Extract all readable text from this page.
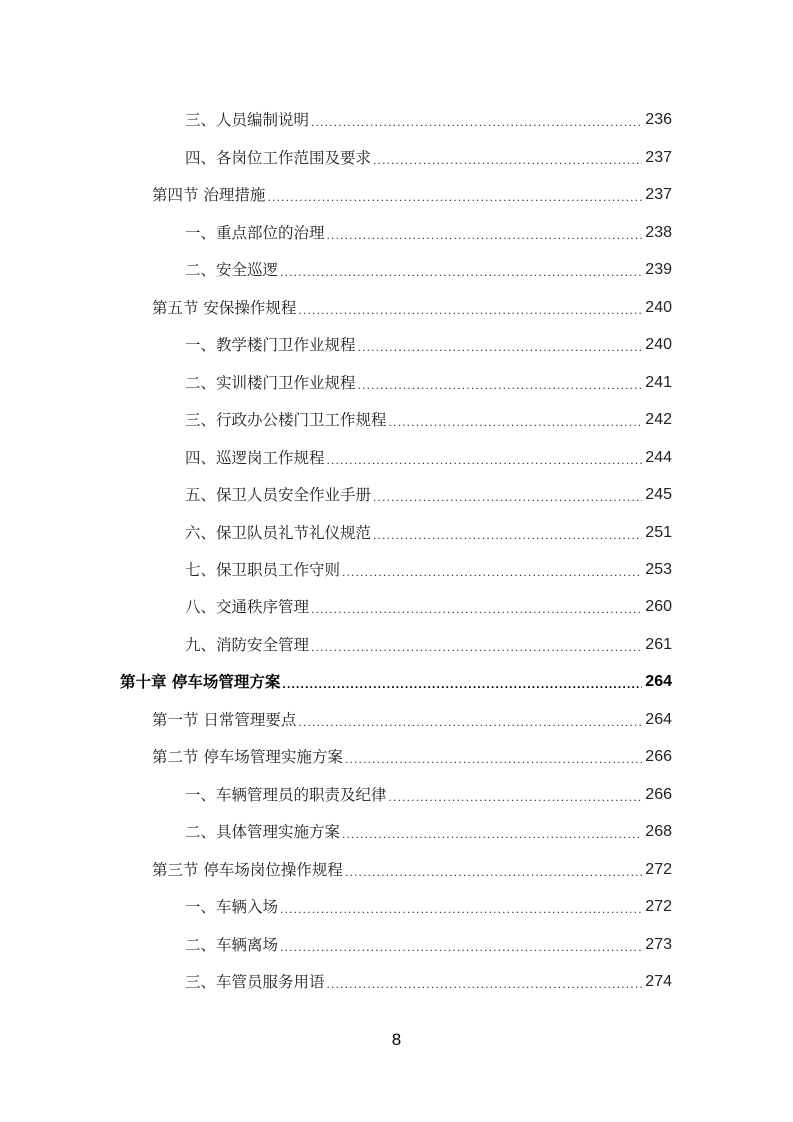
三、人员编制说明 .....	236
四、各岗位工作范围及要求 .....	237
第四节 治理措施 .....	237
一、重点部位的治理 .....	238
二、安全巡逻 .....	239
第五节 安保操作规程 .....	240
一、教学楼门卫作业规程 .....	240
二、实训楼门卫作业规程 .....	241
三、行政办公楼门卫工作规程 .....	242
四、巡逻岗工作规程 .....	244
五、保卫人员安全作业手册 .....	245
六、保卫队员礼节礼仪规范 .....	251
七、保卫职员工作守则 .....	253
八、交通秩序管理 .....	260
九、消防安全管理 .....	261
第十章 停车场管理方案 .....	264
第一节 日常管理要点 .....	264
第二节 停车场管理实施方案 .....	266
一、车辆管理员的职责及纪律 .....	266
二、具体管理实施方案 .....	268
第三节 停车场岗位操作规程 .....	272
一、车辆入场 .....	272
二、车辆离场 .....	273
三、车管员服务用语 .....	274
8
